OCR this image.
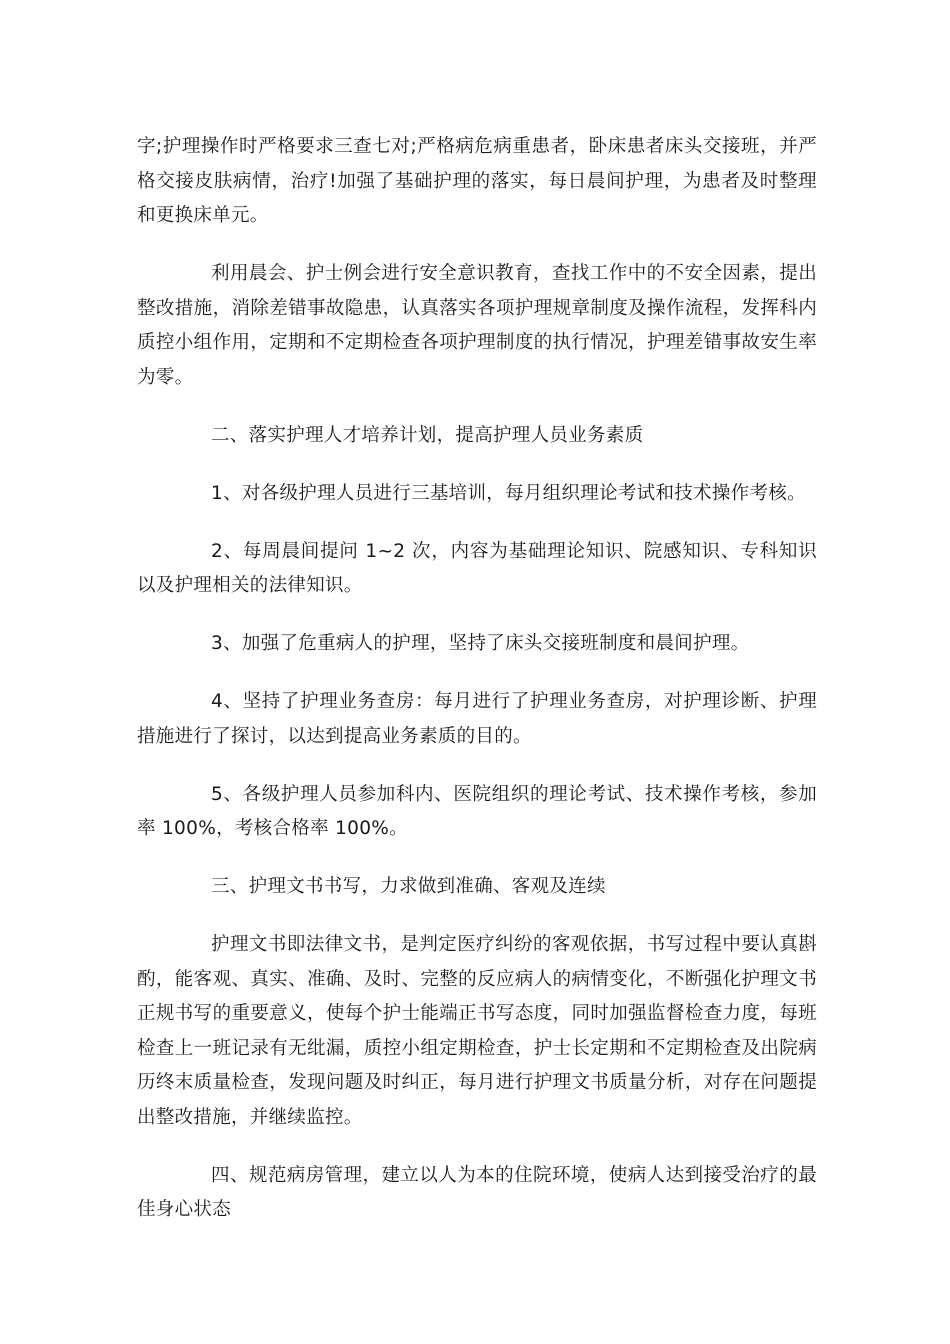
字;护理操作时严格要求三查七对;严格病危病重患者，卧床患者床头交接班，并严格交接皮肤病情，治疗!加强了基础护理的落实，每日晨间护理，为患者及时整理和更换床单元。

利用晨会、护士例会进行安全意识教育，查找工作中的不安全因素，提出整改措施，消除差错事故隐患，认真落实各项护理规章制度及操作流程，发挥科内质控小组作用，定期和不定期检查各项护理制度的执行情况，护理差错事故安生率为零。

二、落实护理人才培养计划，提高护理人员业务素质

1、对各级护理人员进行三基培训，每月组织理论考试和技术操作考核。

2、每周晨间提问 1~2 次，内容为基础理论知识、院感知识、专科知识以及护理相关的法律知识。

3、加强了危重病人的护理，坚持了床头交接班制度和晨间护理。

4、坚持了护理业务查房：每月进行了护理业务查房，对护理诊断、护理措施进行了探讨，以达到提高业务素质的目的。

5、各级护理人员参加科内、医院组织的理论考试、技术操作考核，参加率 100%，考核合格率 100%。

三、护理文书书写，力求做到准确、客观及连续

护理文书即法律文书，是判定医疗纠纷的客观依据，书写过程中要认真斟酌，能客观、真实、准确、及时、完整的反应病人的病情变化，不断强化护理文书正规书写的重要意义，使每个护士能端正书写态度，同时加强监督检查力度，每班检查上一班记录有无纰漏，质控小组定期检查，护士长定期和不定期检查及出院病历终末质量检查，发现问题及时纠正，每月进行护理文书质量分析，对存在问题提出整改措施，并继续监控。

四、规范病房管理，建立以人为本的住院环境，使病人达到接受治疗的最佳身心状态
